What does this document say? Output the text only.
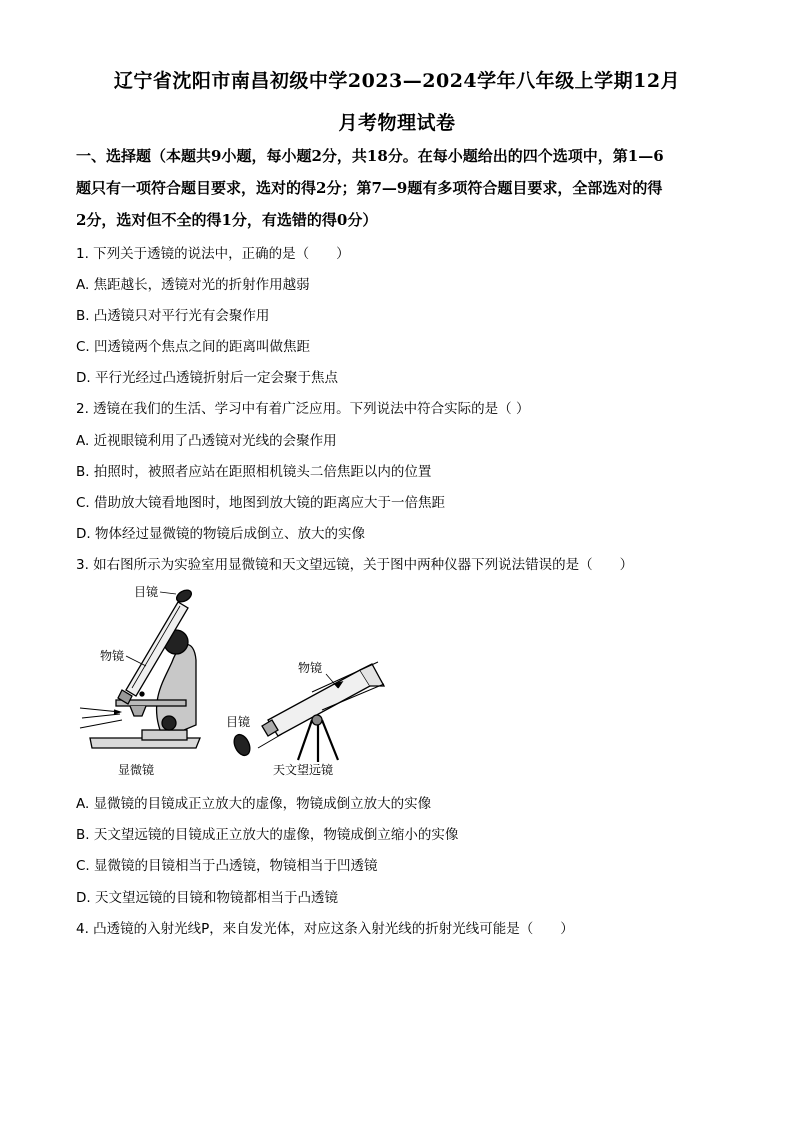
辽宁省沈阳市南昌初级中学2023—2024学年八年级上学期12月
月考物理试卷
一、选择题（本题共9小题，每小题2分，共18分。在每小题给出的四个选项中，第1—6
题只有一项符合题目要求，选对的得2分；第7—9题有多项符合题目要求，全部选对的得
2分，选对但不全的得1分，有选错的得0分）
1. 下列关于透镜的说法中，正确的是（　　）
A. 焦距越长，透镜对光的折射作用越弱
B. 凸透镜只对平行光有会聚作用
C. 凹透镜两个焦点之间的距离叫做焦距
D. 平行光经过凸透镜折射后一定会聚于焦点
2. 透镜在我们的生活、学习中有着广泛应用。下列说法中符合实际的是（ ）
A. 近视眼镜利用了凸透镜对光线的会聚作用
B. 拍照时，被照者应站在距照相机镜头二倍焦距以内的位置
C. 借助放大镜看地图时，地图到放大镜的距离应大于一倍焦距
D. 物体经过显微镜的物镜后成倒立、放大的实像
3. 如右图所示为实验室用显微镜和天文望远镜，关于图中两种仪器下列说法错误的是（　　）
目镜
物镜
显微镜
物镜
目镜
天文望远镜
A. 显微镜的目镜成正立放大的虚像，物镜成倒立放大的实像
B. 天文望远镜的目镜成正立放大的虚像，物镜成倒立缩小的实像
C. 显微镜的目镜相当于凸透镜，物镜相当于凹透镜
D. 天文望远镜的目镜和物镜都相当于凸透镜
4. 凸透镜的入射光线P，来自发光体，对应这条入射光线的折射光线可能是（　　）
